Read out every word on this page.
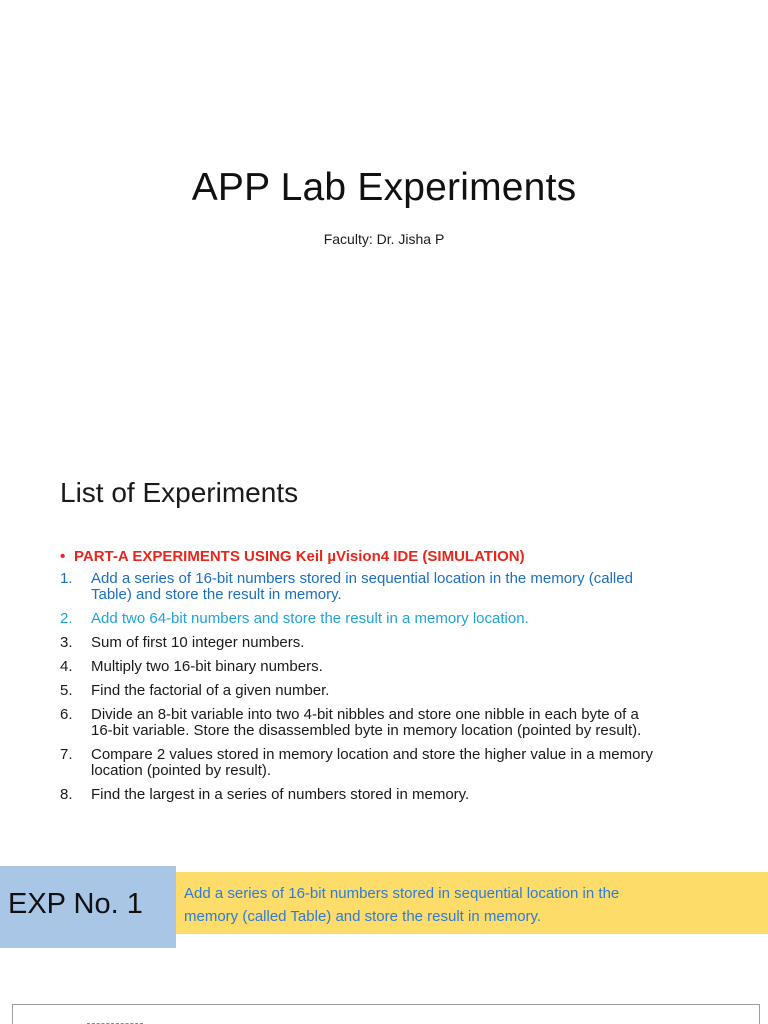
APP Lab Experiments
Faculty: Dr. Jisha P
List of Experiments
• PART-A EXPERIMENTS USING Keil µVision4 IDE (SIMULATION)
1. Add a series of 16-bit numbers stored in sequential location in the memory (called
Table) and store the result in memory.
2. Add two 64-bit numbers and store the result in a memory location.
3. Sum of first 10 integer numbers.
4. Multiply two 16-bit binary numbers.
5. Find the factorial of a given number.
6. Divide an 8-bit variable into two 4-bit nibbles and store one nibble in each byte of a
16-bit variable. Store the disassembled byte in memory location (pointed by result).
7. Compare 2 values stored in memory location and store the higher value in a memory
location (pointed by result).
8. Find the largest in a series of numbers stored in memory.
EXP No. 1	Add a series of 16-bit numbers stored in sequential location in the
memory (called Table) and store the result in memory.
